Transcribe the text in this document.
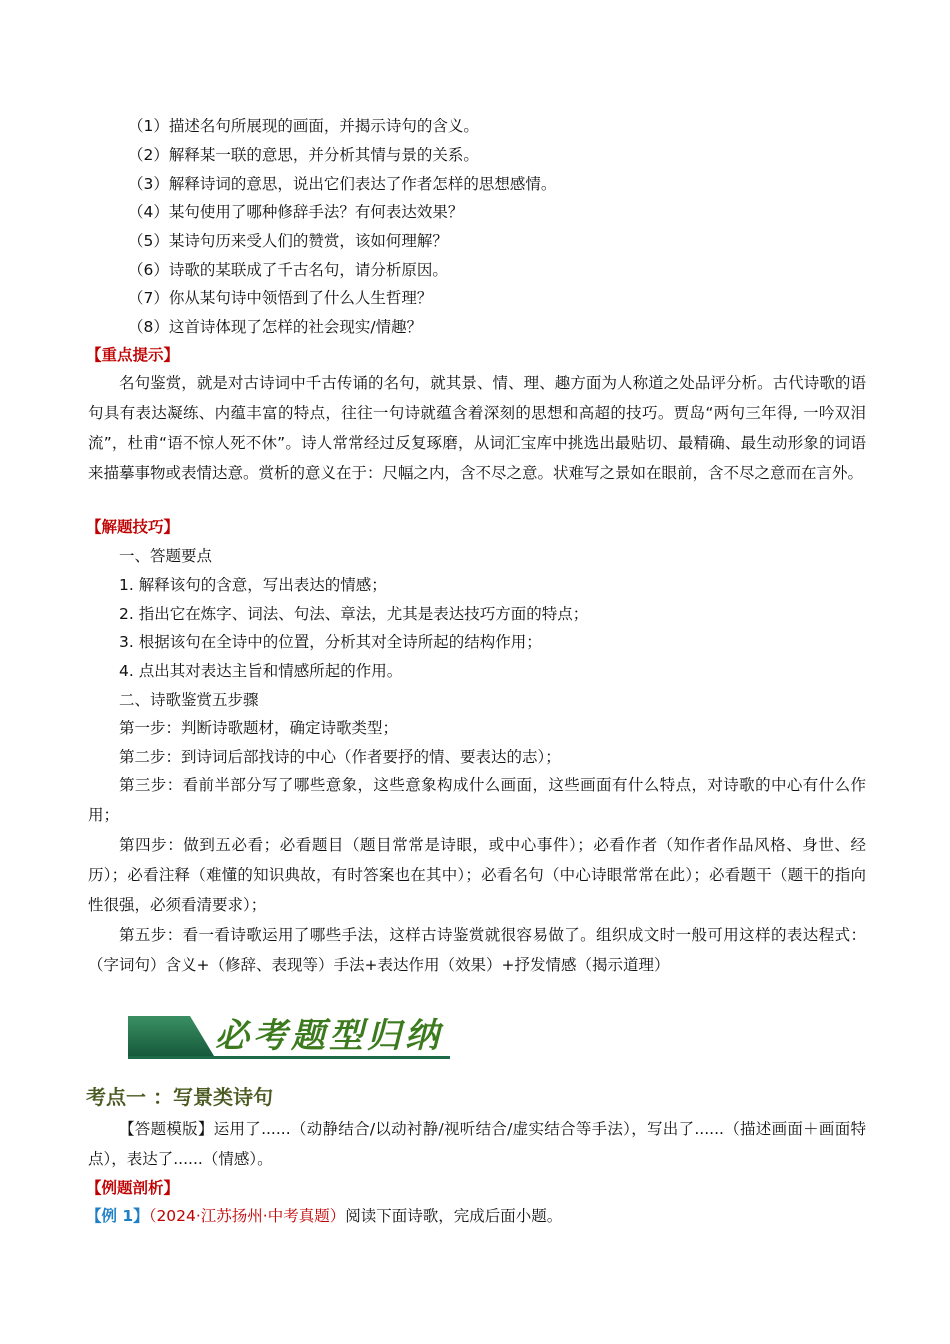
（1）描述名句所展现的画面，并揭示诗句的含义。
（2）解释某一联的意思，并分析其情与景的关系。
（3）解释诗词的意思，说出它们表达了作者怎样的思想感情。
（4）某句使用了哪种修辞手法？有何表达效果？
（5）某诗句历来受人们的赞赏，该如何理解？
（6）诗歌的某联成了千古名句，请分析原因。
（7）你从某句诗中领悟到了什么人生哲理？
（8）这首诗体现了怎样的社会现实/情趣？
【重点提示】

名句鉴赏，就是对古诗词中千古传诵的名句，就其景、情、理、趣方面为人称道之处品评分析。古代诗歌的语句具有表达凝练、内蕴丰富的特点，往往一句诗就蕴含着深刻的思想和高超的技巧。贾岛“两句三年得, 一吟双泪流”，杜甫“语不惊人死不休”。诗人常常经过反复琢磨，从词汇宝库中挑选出最贴切、最精确、最生动形象的词语来描摹事物或表情达意。赏析的意义在于：尺幅之内，含不尽之意。状难写之景如在眼前，含不尽之意而在言外。

【解题技巧】
一、答题要点
1. 解释该句的含意，写出表达的情感；
2. 指出它在炼字、词法、句法、章法，尤其是表达技巧方面的特点；
3. 根据该句在全诗中的位置，分析其对全诗所起的结构作用；
4. 点出其对表达主旨和情感所起的作用。
二、诗歌鉴赏五步骤
第一步：判断诗歌题材，确定诗歌类型；
第二步：到诗词后部找诗的中心（作者要抒的情、要表达的志）；

第三步：看前半部分写了哪些意象，这些意象构成什么画面，这些画面有什么特点，对诗歌的中心有什么作用；

第四步：做到五必看；必看题目（题目常常是诗眼，或中心事件）；必看作者（知作者作品风格、身世、经历）；必看注释（难懂的知识典故，有时答案也在其中）；必看名句（中心诗眼常常在此）；必看题干（题干的指向性很强，必须看清要求）；

第五步：看一看诗歌运用了哪些手法，这样古诗鉴赏就很容易做了。组织成文时一般可用这样的表达程式：（字词句）含义+（修辞、表现等）手法+表达作用（效果）+抒发情感（揭示道理）

必考题型归纳
考点一 ：写景类诗句

【答题模版】运用了......（动静结合/以动衬静/视听结合/虚实结合等手法），写出了......（描述画面＋画面特点），表达了......（情感）。

【例题剖析】
【例 1】（2024·江苏扬州·中考真题）阅读下面诗歌，完成后面小题。
